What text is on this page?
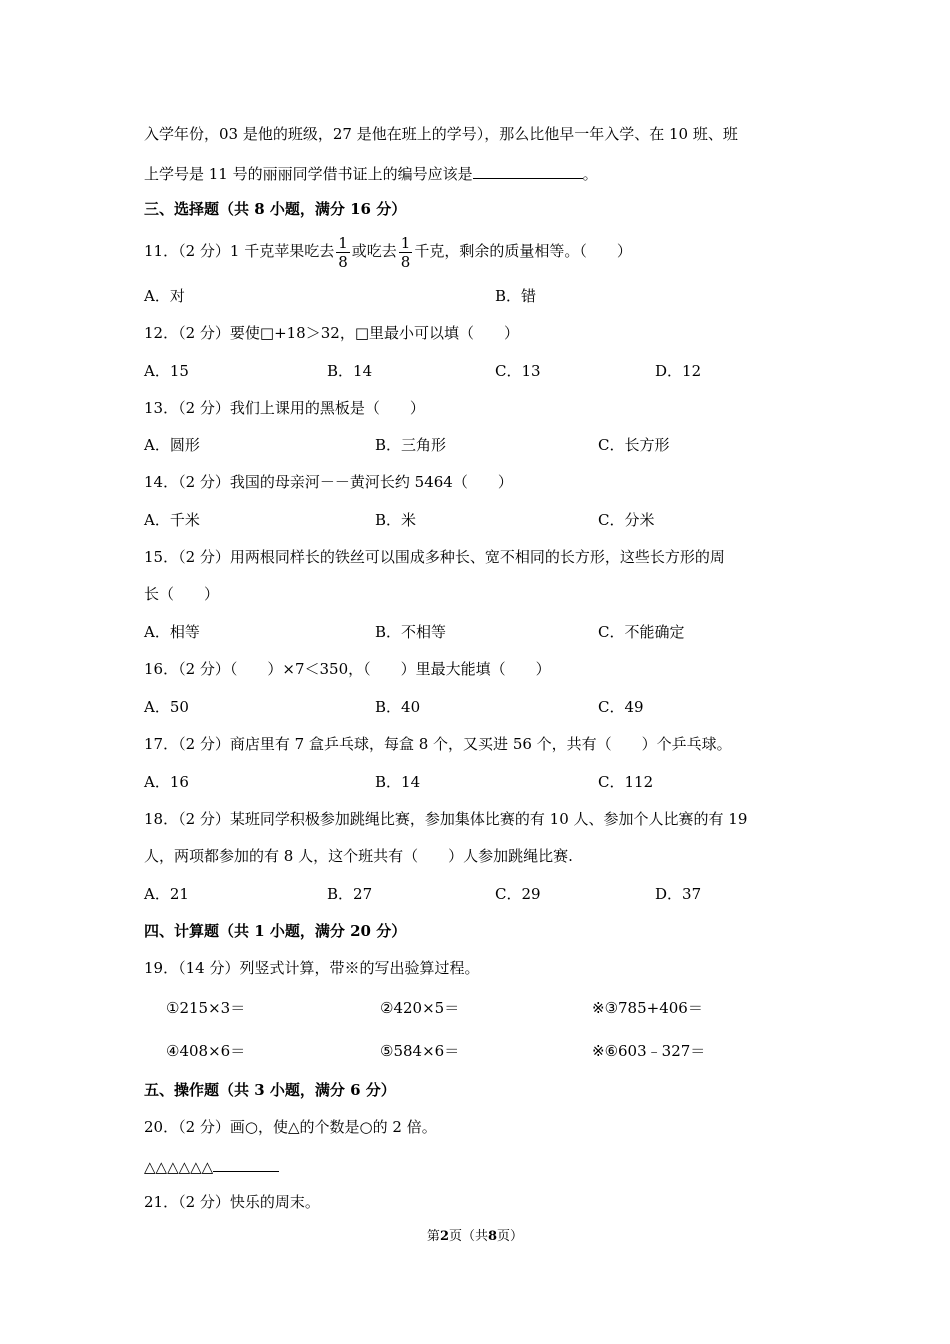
入学年份，03 是他的班级，27 是他在班上的学号），那么比他早一年入学、在 10 班、班
上学号是 11 号的丽丽同学借书证上的编号应该是	。
三、选择题（共 8 小题，满分 16 分）
11．（2 分）1 千克苹果吃去 $\frac{1}{8}$ 或吃去 $\frac{1}{8}$ 千克，剩余的质量相等。（　　）
A．对	B．错
12．（2 分）要使□+18＞32，□里最小可以填（　　）
A．15	B．14	C．13	D．12
13．（2 分）我们上课用的黑板是（　　）
A．圆形	B．三角形	C．长方形
14．（2 分）我国的母亲河－－黄河长约 5464（　　）
A．千米	B．米	C．分米
15．（2 分）用两根同样长的铁丝可以围成多种长、宽不相同的长方形，这些长方形的周
长（　　）
A．相等	B．不相等	C．不能确定
16．（2 分）（　　）×7＜350，（　　）里最大能填（　　）
A．50	B．40	C．49
17．（2 分）商店里有 7 盒乒乓球，每盒 8 个，又买进 56 个，共有（　　）个乒乓球。
A．16	B．14	C．112
18．（2 分）某班同学积极参加跳绳比赛，参加集体比赛的有 10 人、参加个人比赛的有 19
人，两项都参加的有 8 人，这个班共有（　　）人参加跳绳比赛.
A．21	B．27	C．29	D．37
四、计算题（共 1 小题，满分 20 分）
19．（14 分）列竖式计算，带※的写出验算过程。
①215×3＝	②420×5＝	※③785+406＝
④408×6＝	⑤584×6＝	※⑥603﹣327＝
五、操作题（共 3 小题，满分 6 分）
20．（2 分）画○，使△的个数是○的 2 倍。
△△△△△△
21．（2 分）快乐的周末。
第2页（共8页）
